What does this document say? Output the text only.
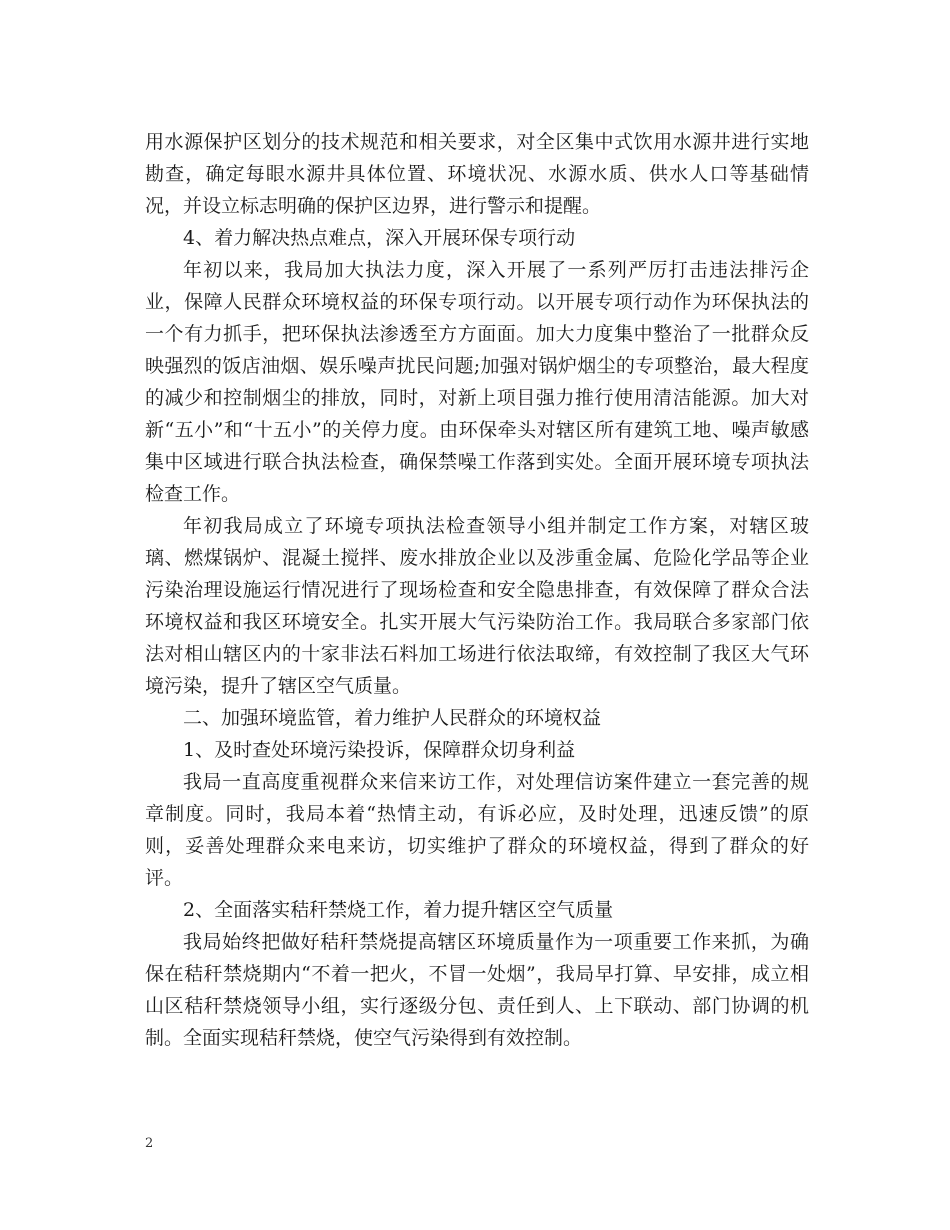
用水源保护区划分的技术规范和相关要求，对全区集中式饮用水源井进行实地勘查，确定每眼水源井具体位置、环境状况、水源水质、供水人口等基础情况，并设立标志明确的保护区边界，进行警示和提醒。

4、着力解决热点难点，深入开展环保专项行动

年初以来，我局加大执法力度，深入开展了一系列严厉打击违法排污企业，保障人民群众环境权益的环保专项行动。以开展专项行动作为环保执法的一个有力抓手，把环保执法渗透至方方面面。加大力度集中整治了一批群众反映强烈的饭店油烟、娱乐噪声扰民问题;加强对锅炉烟尘的专项整治，最大程度的减少和控制烟尘的排放，同时，对新上项目强力推行使用清洁能源。加大对新“五小”和“十五小”的关停力度。由环保牵头对辖区所有建筑工地、噪声敏感集中区域进行联合执法检查，确保禁噪工作落到实处。全面开展环境专项执法检查工作。

年初我局成立了环境专项执法检查领导小组并制定工作方案，对辖区玻璃、燃煤锅炉、混凝土搅拌、废水排放企业以及涉重金属、危险化学品等企业污染治理设施运行情况进行了现场检查和安全隐患排查，有效保障了群众合法环境权益和我区环境安全。扎实开展大气污染防治工作。我局联合多家部门依法对相山辖区内的十家非法石料加工场进行依法取缔，有效控制了我区大气环境污染，提升了辖区空气质量。

二、加强环境监管，着力维护人民群众的环境权益

1、及时查处环境污染投诉，保障群众切身利益

我局一直高度重视群众来信来访工作，对处理信访案件建立一套完善的规章制度。同时，我局本着“热情主动，有诉必应，及时处理，迅速反馈”的原则，妥善处理群众来电来访，切实维护了群众的环境权益，得到了群众的好评。

2、全面落实秸秆禁烧工作，着力提升辖区空气质量

我局始终把做好秸秆禁烧提高辖区环境质量作为一项重要工作来抓，为确保在秸秆禁烧期内“不着一把火，不冒一处烟”，我局早打算、早安排，成立相山区秸秆禁烧领导小组，实行逐级分包、责任到人、上下联动、部门协调的机制。全面实现秸秆禁烧，使空气污染得到有效控制。

2
